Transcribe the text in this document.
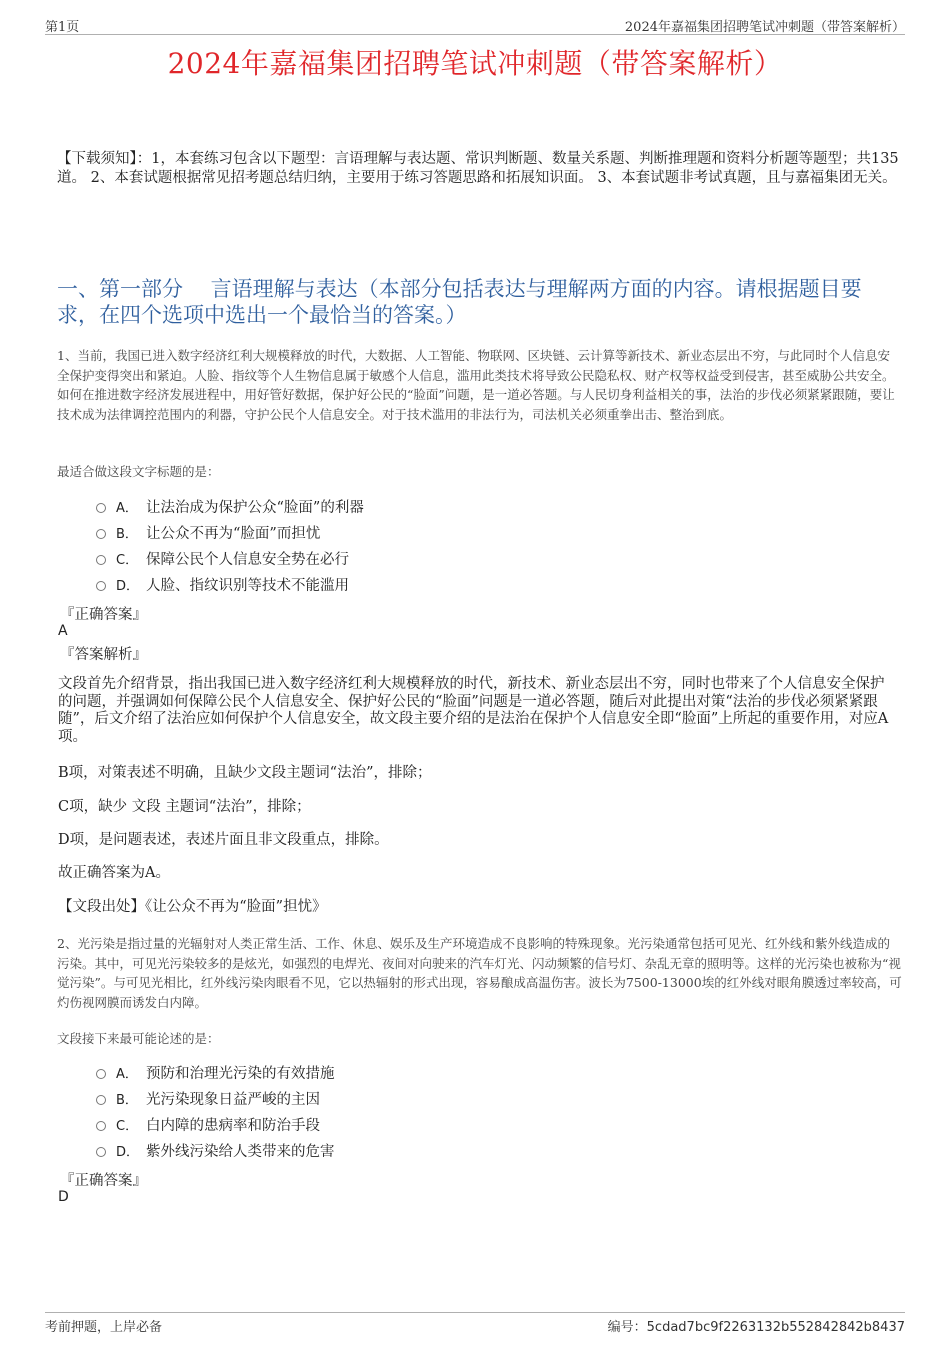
第1页	2024年嘉福集团招聘笔试冲刺题（带答案解析）
2024年嘉福集团招聘笔试冲刺题（带答案解析）
【下载须知】：1，本套练习包含以下题型：言语理解与表达题、常识判断题、数量关系题、判断推理题和资料分析题等题型；共135道。 2、本套试题根据常见招考题总结归纳，主要用于练习答题思路和拓展知识面。 3、本套试题非考试真题，且与嘉福集团无关。
一、第一部分　 言语理解与表达（本部分包括表达与理解两方面的内容。请根据题目要求，在四个选项中选出一个最恰当的答案。）
1、当前，我国已进入数字经济红利大规模释放的时代，大数据、人工智能、物联网、区块链、云计算等新技术、新业态层出不穷，与此同时个人信息安全保护变得突出和紧迫。人脸、指纹等个人生物信息属于敏感个人信息，滥用此类技术将导致公民隐私权、财产权等权益受到侵害，甚至威胁公共安全。如何在推进数字经济发展进程中，用好管好数据，保护好公民的“脸面”问题，是一道必答题。与人民切身利益相关的事，法治的步伐必须紧紧跟随，要让技术成为法律调控范围内的利器，守护公民个人信息安全。对于技术滥用的非法行为，司法机关必须重拳出击、整治到底。
最适合做这段文字标题的是：
A． 让法治成为保护公众“脸面”的利器
B． 让公众不再为“脸面”而担忧
C． 保障公民个人信息安全势在必行
D． 人脸、指纹识别等技术不能滥用
『正确答案』
A
『答案解析』
文段首先介绍背景，指出我国已进入数字经济红利大规模释放的时代，新技术、新业态层出不穷，同时也带来了个人信息安全保护的问题，并强调如何保障公民个人信息安全、保护好公民的“脸面”问题是一道必答题，随后对此提出对策“法治的步伐必须紧紧跟随”，后文介绍了法治应如何保护个人信息安全，故文段主要介绍的是法治在保护个人信息安全即“脸面”上所起的重要作用，对应A项。
B项，对策表述不明确，且缺少文段主题词“法治”，排除；
C项，缺少 文段 主题词“法治”，排除；
D项，是问题表述，表述片面且非文段重点，排除。
故正确答案为A。
【文段出处】《让公众不再为“脸面”担忧》
2、光污染是指过量的光辐射对人类正常生活、工作、休息、娱乐及生产环境造成不良影响的特殊现象。光污染通常包括可见光、红外线和紫外线造成的污染。其中，可见光污染较多的是炫光，如强烈的电焊光、夜间对向驶来的汽车灯光、闪动频繁的信号灯、杂乱无章的照明等。这样的光污染也被称为“视觉污染”。与可见光相比，红外线污染肉眼看不见，它以热辐射的形式出现，容易酿成高温伤害。波长为7500-13000埃的红外线对眼角膜透过率较高，可灼伤视网膜而诱发白内障。
文段接下来最可能论述的是：
A． 预防和治理光污染的有效措施
B． 光污染现象日益严峻的主因
C． 白内障的患病率和防治手段
D． 紫外线污染给人类带来的危害
『正确答案』
D
考前押题，上岸必备	编号：5cdad7bc9f2263132b552842842b8437
